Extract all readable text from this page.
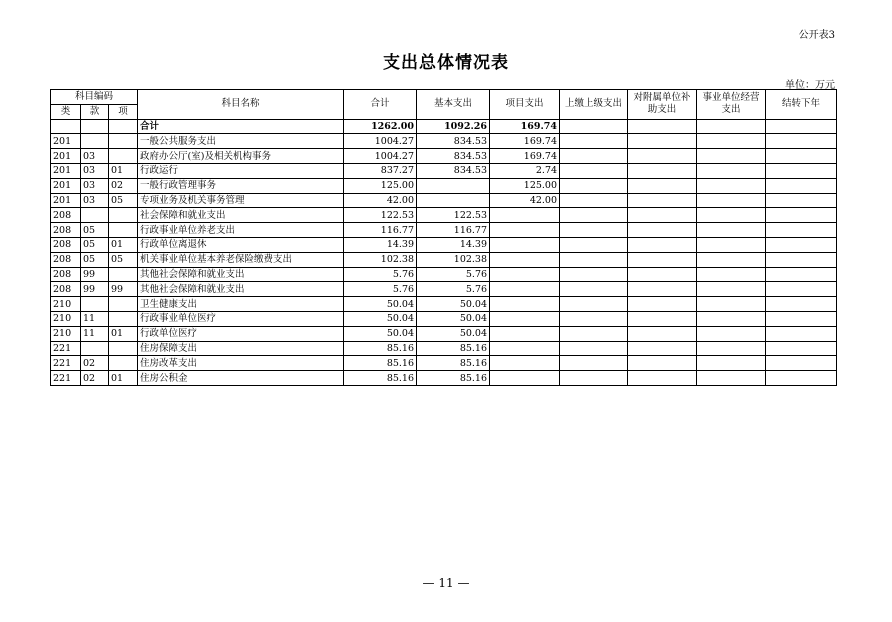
公开表3
支出总体情况表
单位：万元
科目编码			科目名称	合计	基本支出	项目支出	上缴上级支出	对附属单位补助支出	事业单位经营支出	结转下年
类	款	项								
			合计	1262.00	1092.26	169.74				
201			一般公共服务支出	1004.27	834.53	169.74				
201	03		政府办公厅(室)及相关机构事务	1004.27	834.53	169.74				
201	03	01	行政运行	837.27	834.53	2.74				
201	03	02	一般行政管理事务	125.00		125.00				
201	03	05	专项业务及机关事务管理	42.00		42.00				
208			社会保障和就业支出	122.53	122.53					
208	05		行政事业单位养老支出	116.77	116.77					
208	05	01	行政单位离退休	14.39	14.39					
208	05	05	机关事业单位基本养老保险缴费支出	102.38	102.38					
208	99		其他社会保障和就业支出	5.76	5.76					
208	99	99	其他社会保障和就业支出	5.76	5.76					
210			卫生健康支出	50.04	50.04					
210	11		行政事业单位医疗	50.04	50.04					
210	11	01	行政单位医疗	50.04	50.04					
221			住房保障支出	85.16	85.16					
221	02		住房改革支出	85.16	85.16					
221	02	01	住房公积金	85.16	85.16					
— 11 —
